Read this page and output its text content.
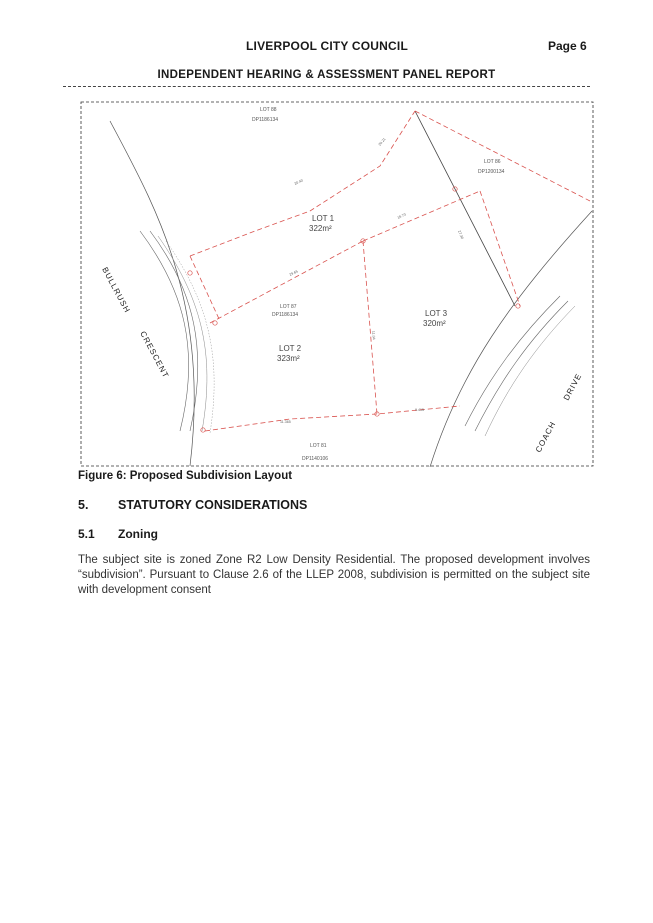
LIVERPOOL CITY COUNCIL	Page 6
INDEPENDENT HEARING & ASSESSMENT PANEL REPORT
LOT 1
322m²
LOT 2
323m²
LOT 3
320m²
LOT 88
DP1186134
LOT 86
DP1200134
LOT 87
DP1186134
LOT 81
DP1140106
20.40
16.73
29.65
11.04
27.30
11.365
9.415
20.21
BULLRUSH
CRESCENT
COACH
DRIVE
Figure 6: Proposed Subdivision Layout
5. STATUTORY CONSIDERATIONS
5.1 Zoning
The subject site is zoned Zone R2 Low Density Residential. The proposed development involves “subdivision”. Pursuant to Clause 2.6 of the LLEP 2008, subdivision is permitted on the subject site with development consent
